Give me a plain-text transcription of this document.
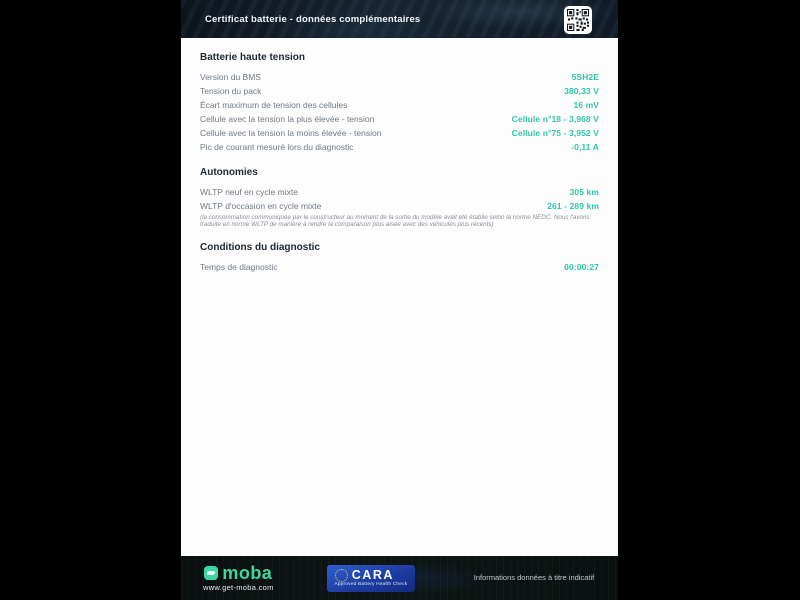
Certificat batterie - données complémentaires
Batterie haute tension
Version du BMS	5SH2E
Tension du pack	380,33 V
Écart maximum de tension des cellules	16 mV
Cellule avec la tension la plus élevée - tension	Cellule n°18 - 3,968 V
Cellule avec la tension la moins élevée - tension	Cellule n°75 - 3,952 V
Pic de courant mesuré lors du diagnostic	-0,11 A
Autonomies
WLTP neuf en cycle mixte	305 km
WLTP d'occasion en cycle mixte	261 - 289 km
(la consommation communiquée par le constructeur au moment de la sortie du modèle avait été établie selon la norme NEDC. Nous l'avons traduite en norme WLTP de manière à rendre la comparaison plus aisée avec des véhicules plus récents)
Conditions du diagnostic
Temps de diagnostic	00:00:27
moba
www.get-moba.com
CARA
Approved Battery Health Check
Informations données à titre indicatif
